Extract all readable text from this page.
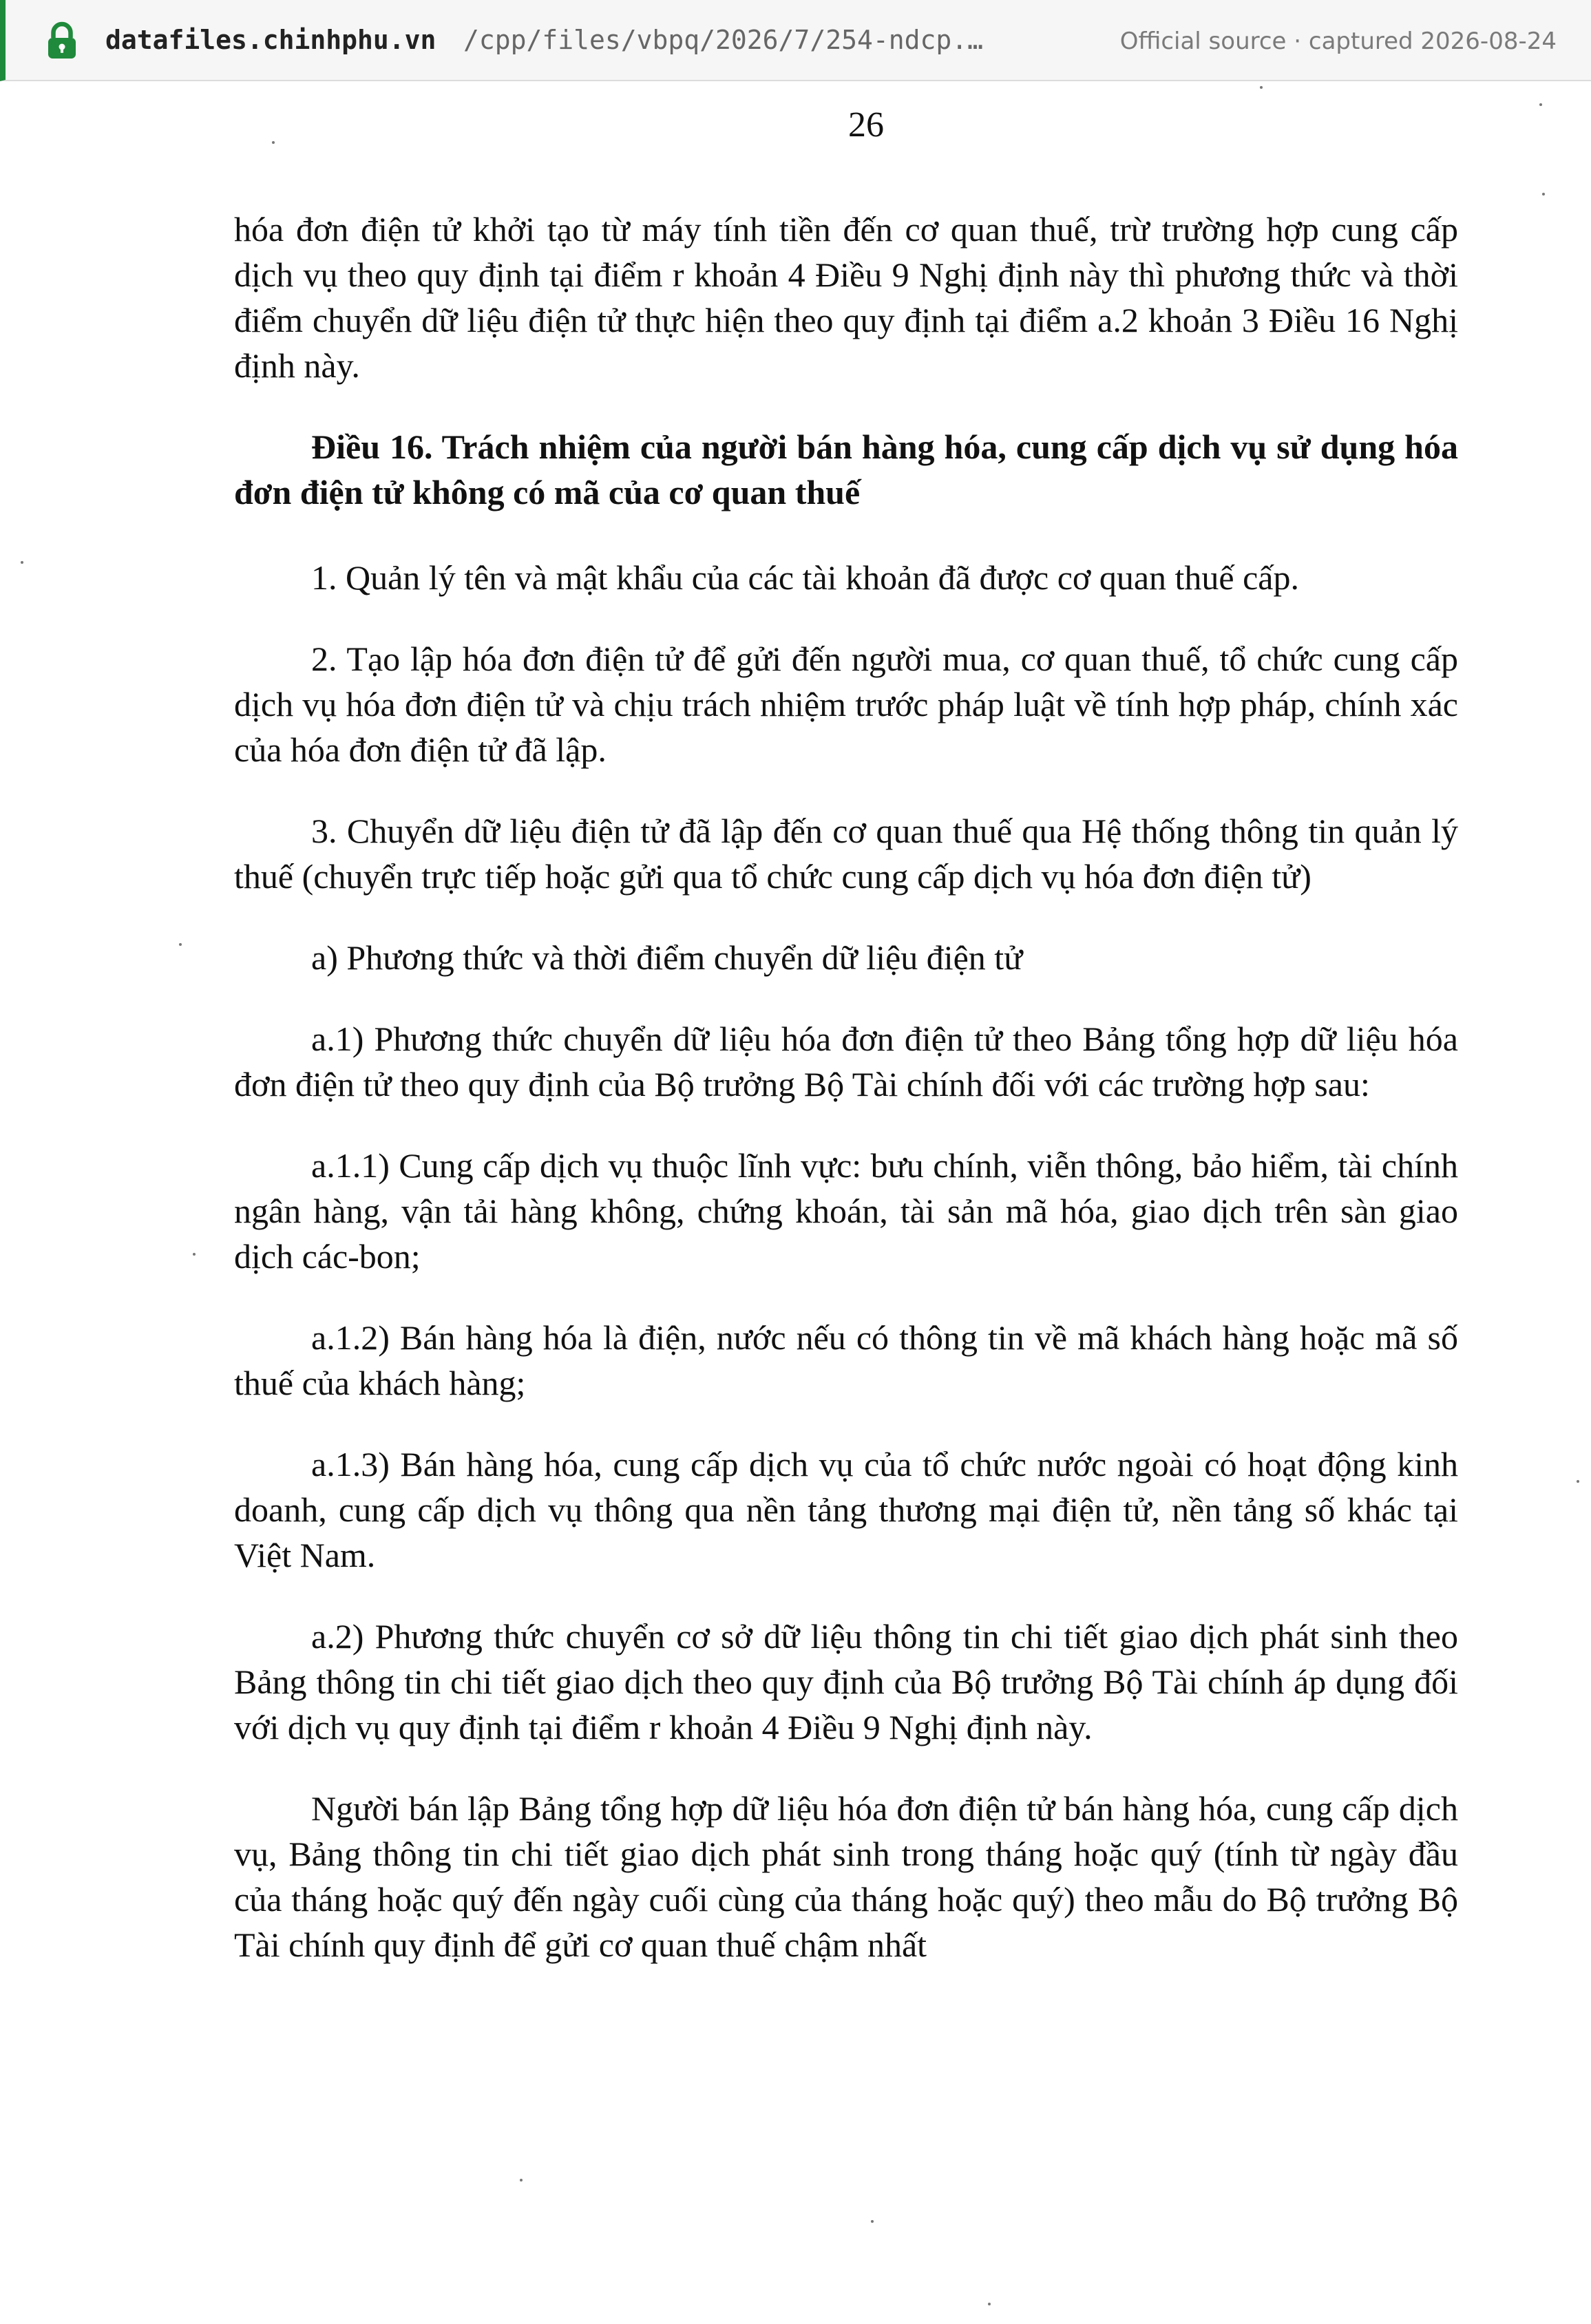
datafiles.chinhphu.vn /cpp/files/vbpq/2026/7/254-ndcp.…	Official source · captured 2026-08-24
26

hóa đơn điện tử khởi tạo từ máy tính tiền đến cơ quan thuế, trừ trường hợp cung cấp dịch vụ theo quy định tại điểm r khoản 4 Điều 9 Nghị định này thì phương thức và thời điểm chuyển dữ liệu điện tử thực hiện theo quy định tại điểm a.2 khoản 3 Điều 16 Nghị định này.

Điều 16. Trách nhiệm của người bán hàng hóa, cung cấp dịch vụ sử dụng hóa đơn điện tử không có mã của cơ quan thuế

1. Quản lý tên và mật khẩu của các tài khoản đã được cơ quan thuế cấp.

2. Tạo lập hóa đơn điện tử để gửi đến người mua, cơ quan thuế, tổ chức cung cấp dịch vụ hóa đơn điện tử và chịu trách nhiệm trước pháp luật về tính hợp pháp, chính xác của hóa đơn điện tử đã lập.

3. Chuyển dữ liệu điện tử đã lập đến cơ quan thuế qua Hệ thống thông tin quản lý thuế (chuyển trực tiếp hoặc gửi qua tổ chức cung cấp dịch vụ hóa đơn điện tử)

a) Phương thức và thời điểm chuyển dữ liệu điện tử

a.1) Phương thức chuyển dữ liệu hóa đơn điện tử theo Bảng tổng hợp dữ liệu hóa đơn điện tử theo quy định của Bộ trưởng Bộ Tài chính đối với các trường hợp sau:

a.1.1) Cung cấp dịch vụ thuộc lĩnh vực: bưu chính, viễn thông, bảo hiểm, tài chính ngân hàng, vận tải hàng không, chứng khoán, tài sản mã hóa, giao dịch trên sàn giao dịch các-bon;

a.1.2) Bán hàng hóa là điện, nước nếu có thông tin về mã khách hàng hoặc mã số thuế của khách hàng;

a.1.3) Bán hàng hóa, cung cấp dịch vụ của tổ chức nước ngoài có hoạt động kinh doanh, cung cấp dịch vụ thông qua nền tảng thương mại điện tử, nền tảng số khác tại Việt Nam.

a.2) Phương thức chuyển cơ sở dữ liệu thông tin chi tiết giao dịch phát sinh theo Bảng thông tin chi tiết giao dịch theo quy định của Bộ trưởng Bộ Tài chính áp dụng đối với dịch vụ quy định tại điểm r khoản 4 Điều 9 Nghị định này.

Người bán lập Bảng tổng hợp dữ liệu hóa đơn điện tử bán hàng hóa, cung cấp dịch vụ, Bảng thông tin chi tiết giao dịch phát sinh trong tháng hoặc quý (tính từ ngày đầu của tháng hoặc quý đến ngày cuối cùng của tháng hoặc quý) theo mẫu do Bộ trưởng Bộ Tài chính quy định để gửi cơ quan thuế chậm nhất
